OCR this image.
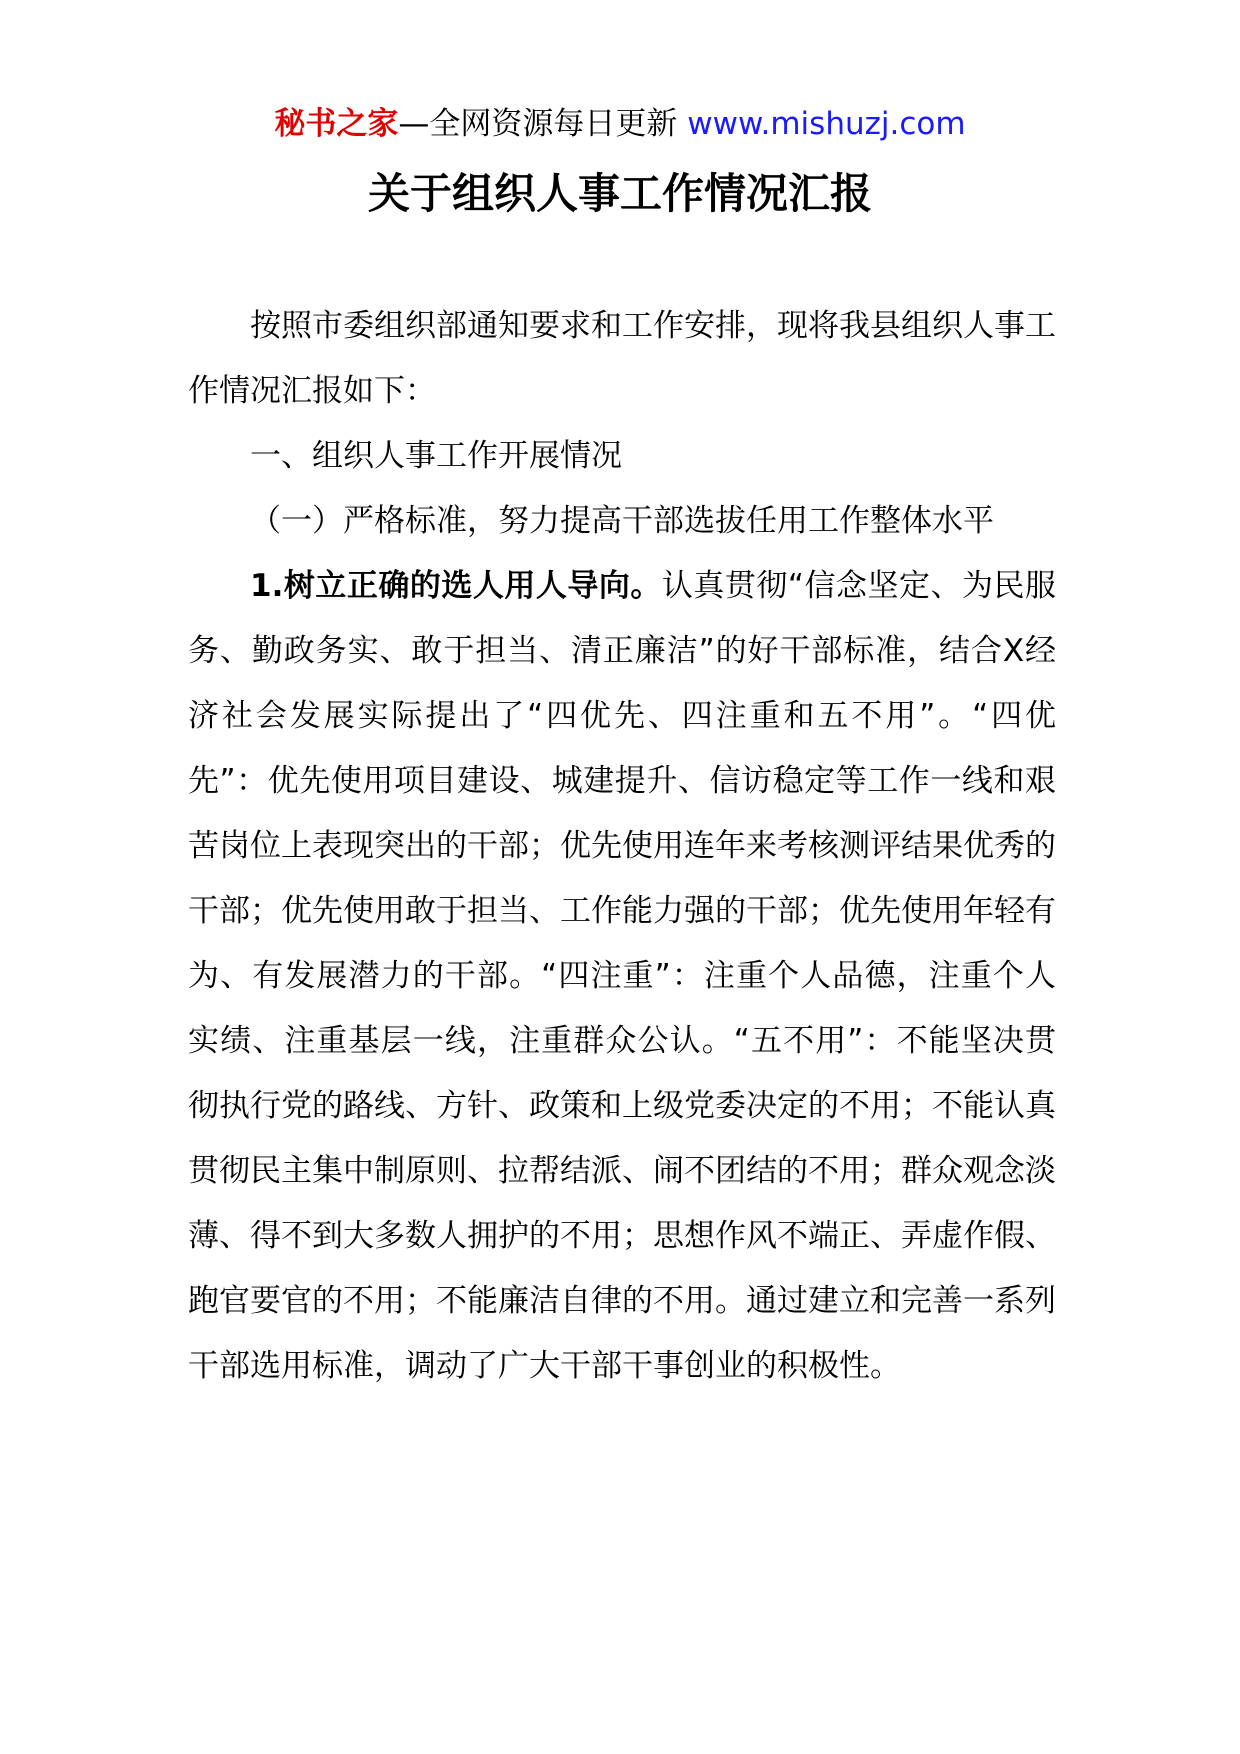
秘书之家—全网资源每日更新 www.mishuzj.com
关于组织人事工作情况汇报

按照市委组织部通知要求和工作安排，现将我县组织人事工作情况汇报如下：

一、组织人事工作开展情况

（一）严格标准，努力提高干部选拔任用工作整体水平

1.树立正确的选人用人导向。认真贯彻“信念坚定、为民服务、勤政务实、敢于担当、清正廉洁”的好干部标准，结合X经济社会发展实际提出了“四优先、四注重和五不用”。“四优先”：优先使用项目建设、城建提升、信访稳定等工作一线和艰苦岗位上表现突出的干部；优先使用连年来考核测评结果优秀的干部；优先使用敢于担当、工作能力强的干部；优先使用年轻有为、有发展潜力的干部。“四注重”：注重个人品德，注重个人实绩、注重基层一线，注重群众公认。“五不用”：不能坚决贯彻执行党的路线、方针、政策和上级党委决定的不用；不能认真贯彻民主集中制原则、拉帮结派、闹不团结的不用；群众观念淡薄、得不到大多数人拥护的不用；思想作风不端正、弄虚作假、跑官要官的不用；不能廉洁自律的不用。通过建立和完善一系列干部选用标准，调动了广大干部干事创业的积极性。
